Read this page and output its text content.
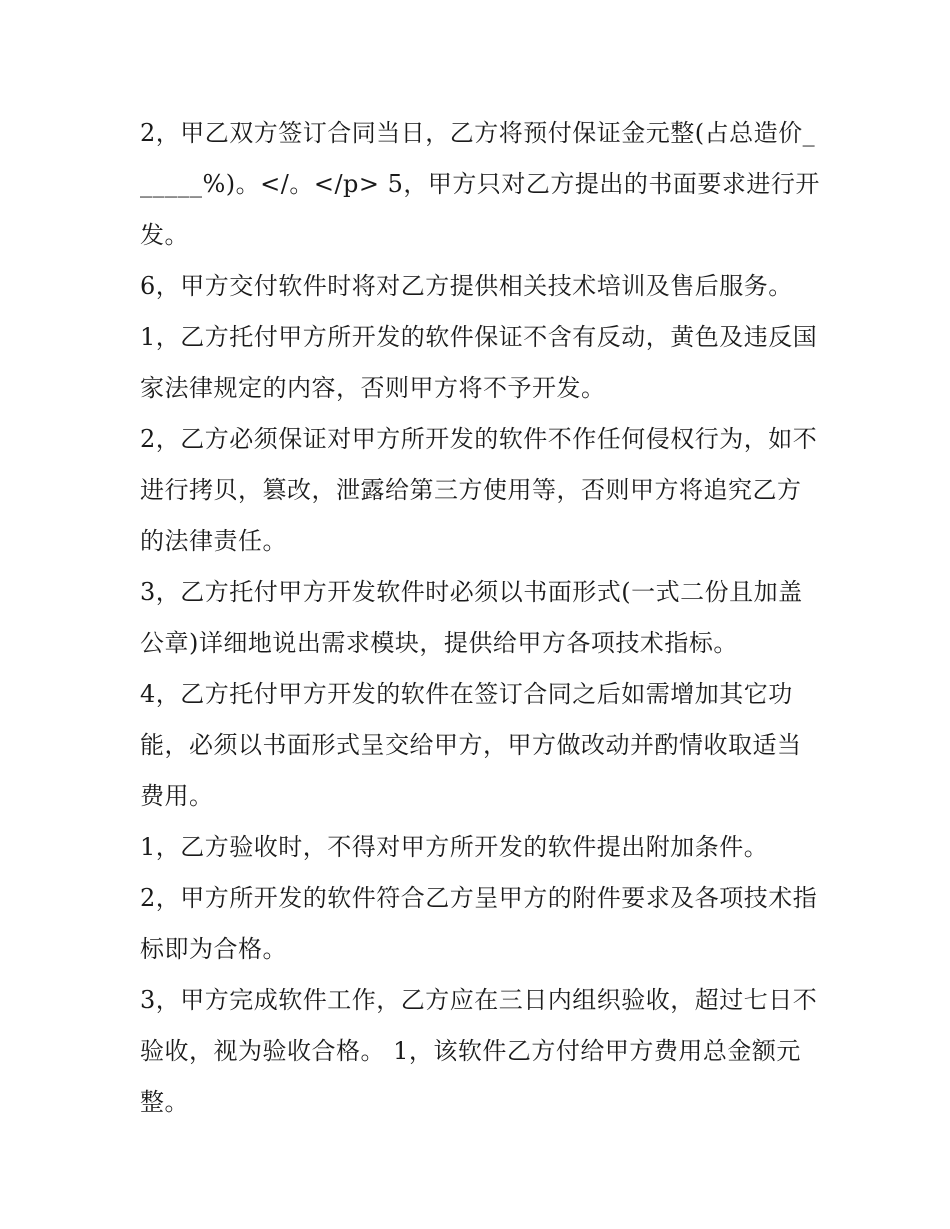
2，甲乙双方签订合同当日，乙方将预付保证金元整(占总造价______%)。</。</p> 5，甲方只对乙方提出的书面要求进行开发。

6，甲方交付软件时将对乙方提供相关技术培训及售后服务。

1，乙方托付甲方所开发的软件保证不含有反动，黄色及违反国家法律规定的内容，否则甲方将不予开发。

2，乙方必须保证对甲方所开发的软件不作任何侵权行为，如不进行拷贝，篡改，泄露给第三方使用等，否则甲方将追究乙方的法律责任。

3，乙方托付甲方开发软件时必须以书面形式(一式二份且加盖公章)详细地说出需求模块，提供给甲方各项技术指标。

4，乙方托付甲方开发的软件在签订合同之后如需增加其它功能，必须以书面形式呈交给甲方，甲方做改动并酌情收取适当费用。

1，乙方验收时，不得对甲方所开发的软件提出附加条件。

2，甲方所开发的软件符合乙方呈甲方的附件要求及各项技术指标即为合格。

3，甲方完成软件工作，乙方应在三日内组织验收，超过七日不验收，视为验收合格。 1，该软件乙方付给甲方费用总金额元整。
